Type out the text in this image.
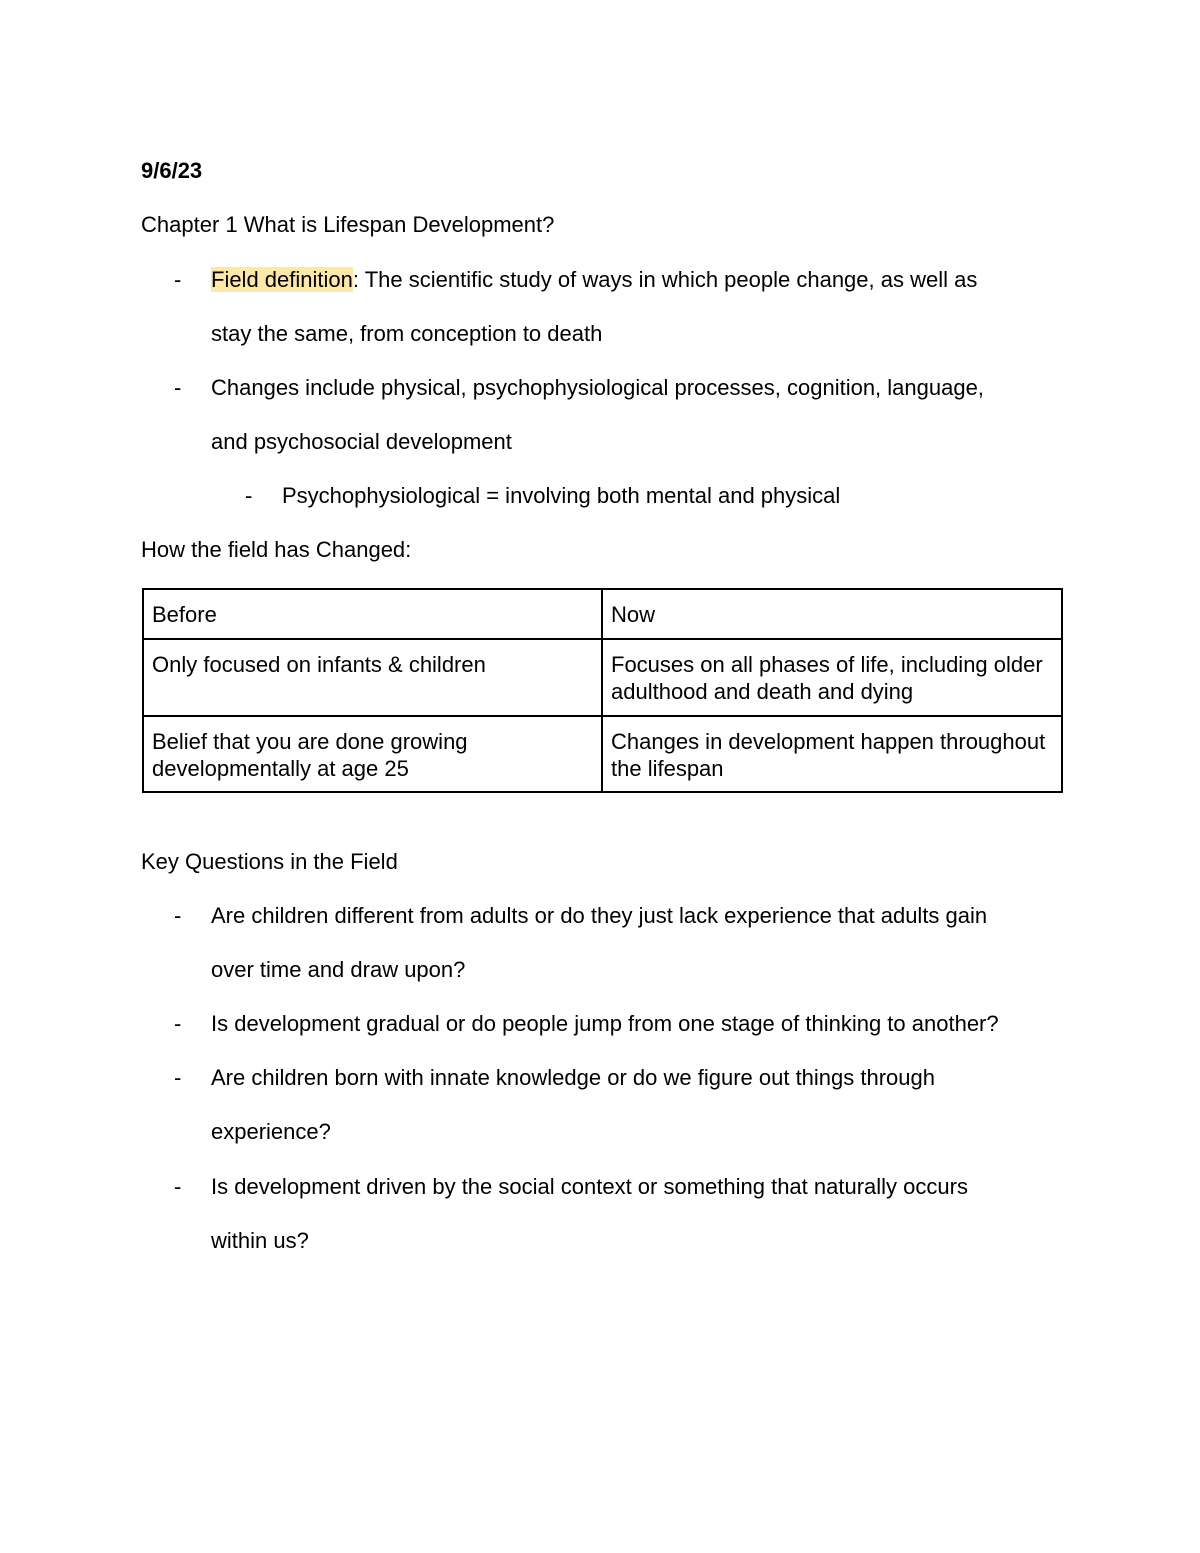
9/6/23
Chapter 1 What is Lifespan Development?
- Field definition: The scientific study of ways in which people change, as well as
stay the same, from conception to death
- Changes include physical, psychophysiological processes, cognition, language,
and psychosocial development
- Psychophysiological = involving both mental and physical
How the field has Changed:
Before	Now
Only focused on infants & children	Focuses on all phases of life, including older adulthood and death and dying
Belief that you are done growing developmentally at age 25	Changes in development happen throughout the lifespan
Key Questions in the Field
- Are children different from adults or do they just lack experience that adults gain
over time and draw upon?
- Is development gradual or do people jump from one stage of thinking to another?
- Are children born with innate knowledge or do we figure out things through
experience?
- Is development driven by the social context or something that naturally occurs
within us?
